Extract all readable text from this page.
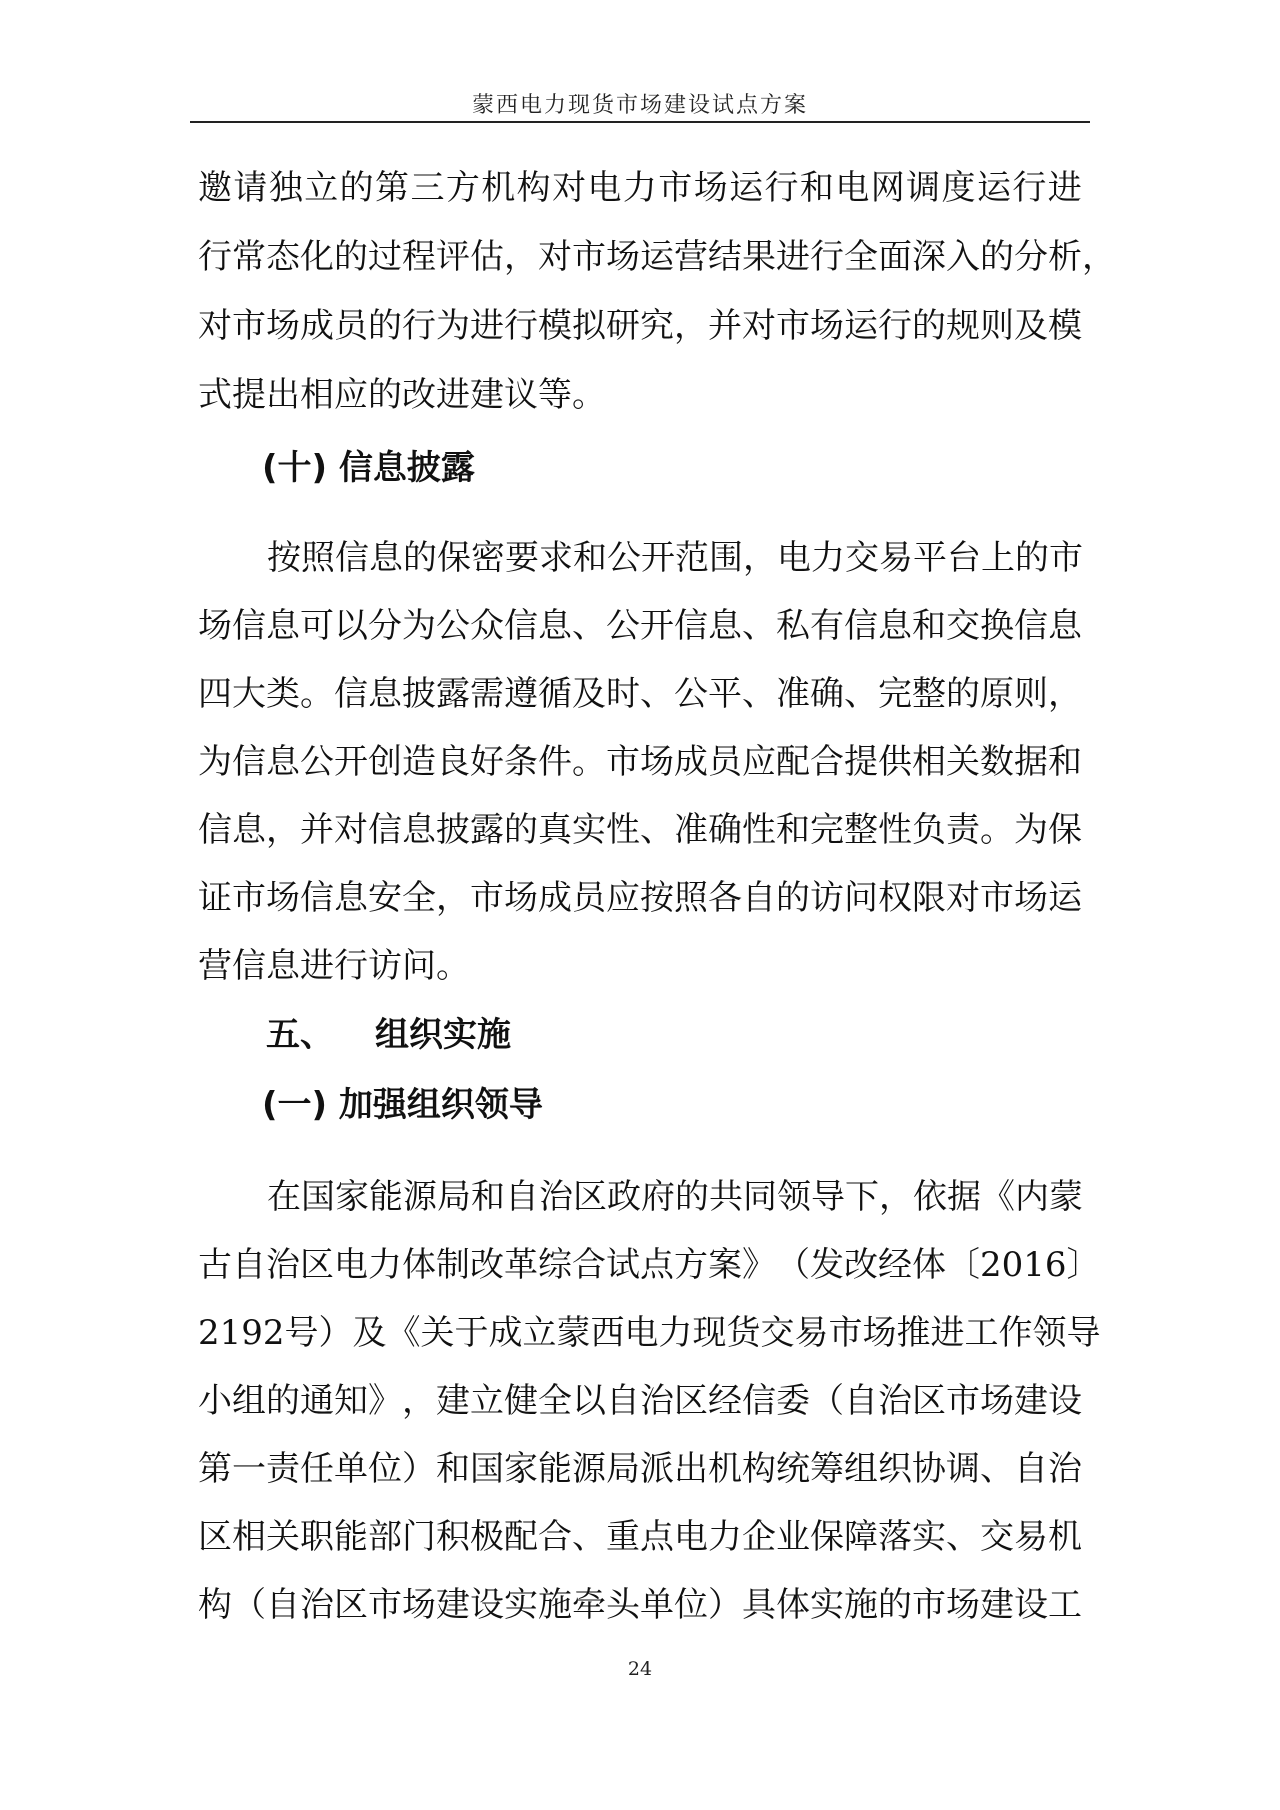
蒙西电力现货市场建设试点方案
邀 请 独 立 的 第 三 方 机 构 对 电 力 市 场 运 行 和 电 网 调 度 运 行 进
行 常 态 化 的 过 程 评 估 ， 对 市 场 运 营 结 果 进 行 全 面 深 入 的 分 析 ，
对 市 场 成 员 的 行 为 进 行 模 拟 研 究 ， 并 对 市 场 运 行 的 规 则 及 模
式提出相应的改进建议等。
(十) 信息披露
按 照 信 息 的 保 密 要 求 和 公 开 范 围 ， 电 力 交 易 平 台 上 的 市
场 信 息 可 以 分 为 公 众 信 息 、 公 开 信 息 、 私 有 信 息 和 交 换 信 息
四 大 类 。 信 息 披 露 需 遵 循 及 时 、 公 平 、 准 确 、 完 整 的 原 则 ，
为 信 息 公 开 创 造 良 好 条 件 。 市 场 成 员 应 配 合 提 供 相 关 数 据 和
信 息 ， 并 对 信 息 披 露 的 真 实 性 、 准 确 性 和 完 整 性 负 责 。 为 保
证 市 场 信 息 安 全 ， 市 场 成 员 应 按 照 各 自 的 访 问 权 限 对 市 场 运
营信息进行访问。
五、 组织实施
(一) 加强组织领导
在 国 家 能 源 局 和 自 治 区 政 府 的 共 同 领 导 下 ， 依 据 《 内 蒙
古 自 治 区 电 力 体 制 改 革 综 合 试 点 方 案 》 （ 发 改 经 体 〔 2016 〕
2192 号 ） 及 《 关 于 成 立 蒙 西 电 力 现 货 交 易 市 场 推 进 工 作 领 导
小 组 的 通 知 》 ， 建 立 健 全 以 自 治 区 经 信 委 （ 自 治 区 市 场 建 设
第 一 责 任 单 位 ） 和 国 家 能 源 局 派 出 机 构 统 筹 组 织 协 调 、 自 治
区 相 关 职 能 部 门 积 极 配 合 、 重 点 电 力 企 业 保 障 落 实 、 交 易 机
构 （ 自 治 区 市 场 建 设 实 施 牵 头 单 位 ） 具 体 实 施 的 市 场 建 设 工
24
